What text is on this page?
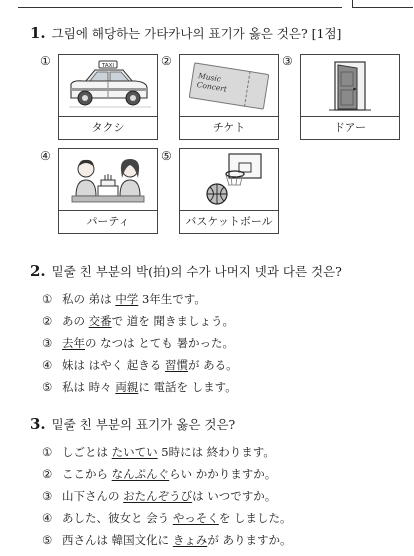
1. 그림에 해당하는 가타카나의 표기가 옳은 것은? [1점]
①	TAXI
タクシ
②
Music Concert
チケト
③
ドアー
④
パーティ
⑤
バスケットボール
2. 밑줄 친 부분의 박(拍)의 수가 나머지 넷과 다른 것은?
① 私の 弟は 中学 3年生です。
② あの 交番で 道を 聞きましょう。
③ 去年の なつは とても 暑かった。
④ 妹は はやく 起きる 習慣が ある。
⑤ 私は 時々 両親に 電話を します。
3. 밑줄 친 부분의 표기가 옳은 것은?
① しごとは たいてい 5時には 終わります。
② ここから なんぷんぐらい かかりますか。
③ 山下さんの おたんぞうびは いつですか。
④ あした、彼女と 会う やっそくを しました。
⑤ 西さんは 韓国文化に きょみが ありますか。
